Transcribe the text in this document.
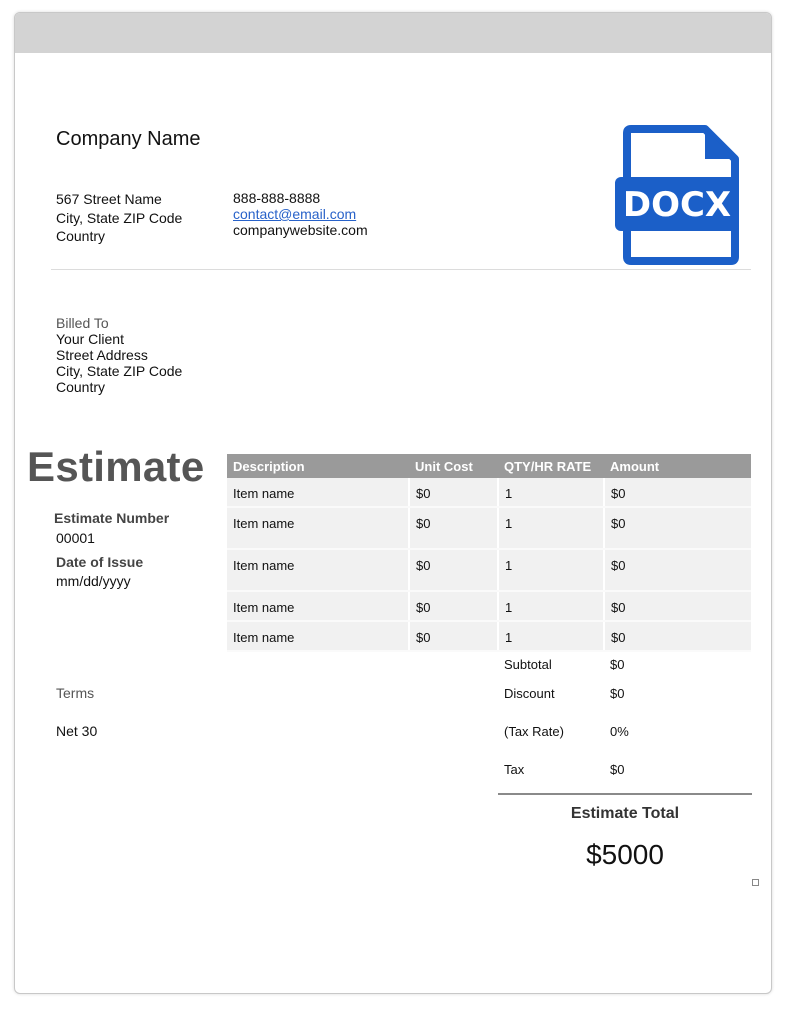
Company Name
567 Street Name
City, State ZIP Code
Country
888-888-8888
contact@email.com
companywebsite.com
DOCX
Billed To
Your Client
Street Address
City, State ZIP Code
Country
Estimate
Estimate Number
00001
Date of Issue
mm/dd/yyyy
Terms
Net 30
Description	Unit Cost	QTY/HR RATE	Amount
Item name	$0	1	$0
Item name	$0	1	$0
Item name	$0	1	$0
Item name	$0	1	$0
Item name	$0	1	$0
Subtotal	$0
Discount	$0
(Tax Rate)	0%
Tax	$0
Estimate Total
$5000
